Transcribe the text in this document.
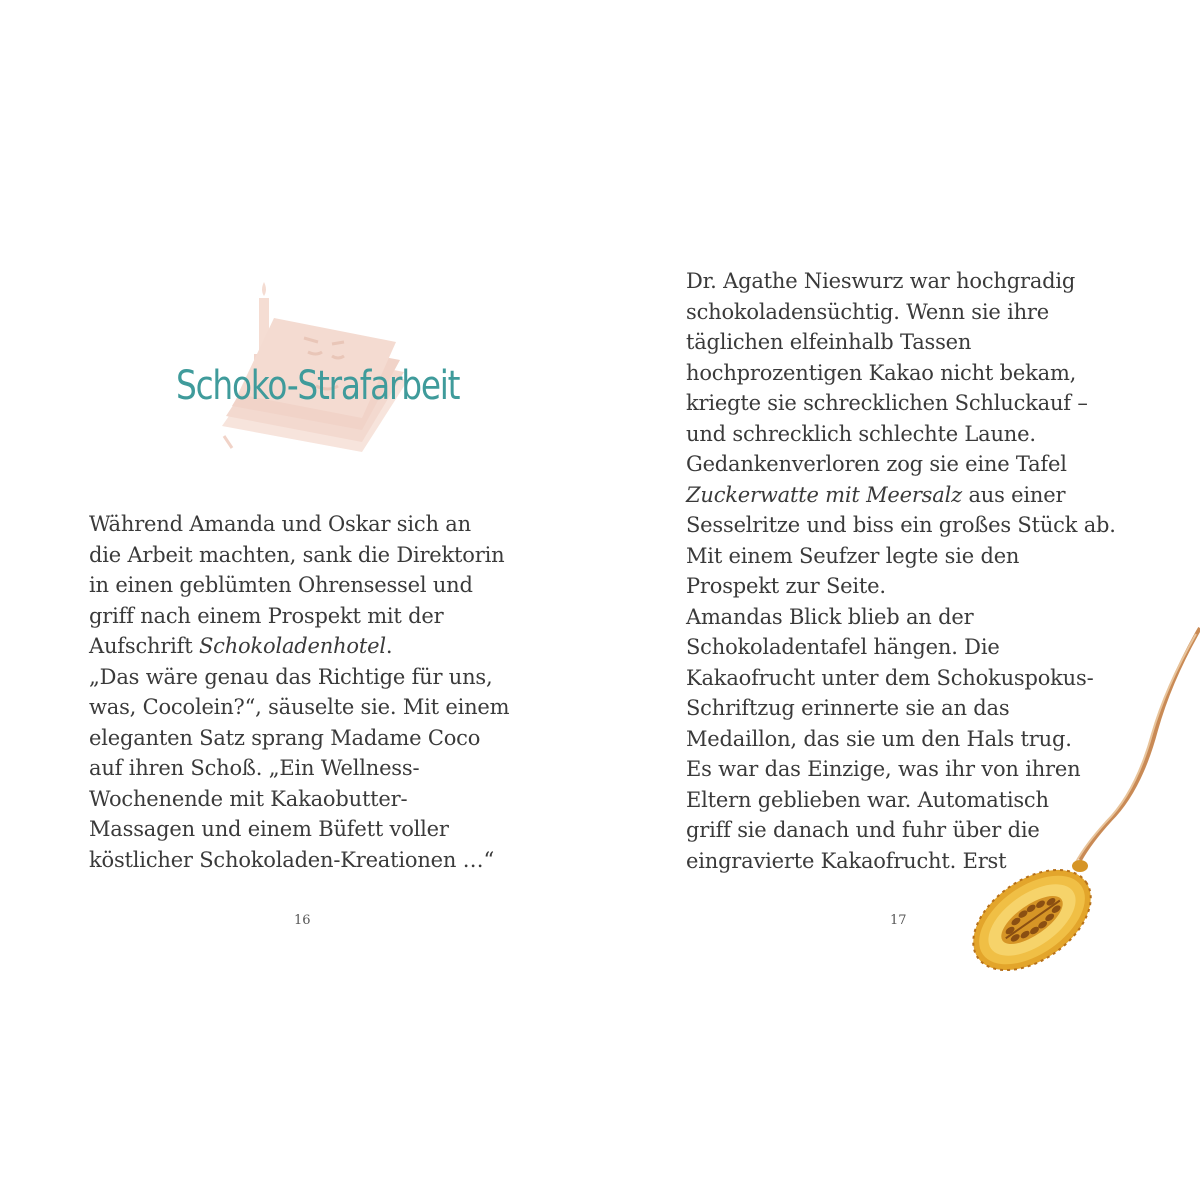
Schoko-Strafarbeit

Während Amanda und Oskar sich an
die Arbeit machten, sank die Direktorin
in einen geblümten Ohrensessel und
griff nach einem Prospekt mit der
Aufschrift Schokoladenhotel.
„Das wäre genau das Richtige für uns,
was, Cocolein?“, säuselte sie. Mit einem
eleganten Satz sprang Madame Coco
auf ihren Schoß. „Ein Wellness-
Wochenende mit Kakaobutter-
Massagen und einem Büfett voller
köstlicher Schokoladen-Kreationen …“

16

Dr. Agathe Nieswurz war hochgradig
schokoladensüchtig. Wenn sie ihre
täglichen elfeinhalb Tassen
hochprozentigen Kakao nicht bekam,
kriegte sie schrecklichen Schluckauf –
und schrecklich schlechte Laune.
Gedankenverloren zog sie eine Tafel
Zuckerwatte mit Meersalz aus einer
Sesselritze und biss ein großes Stück ab.
Mit einem Seufzer legte sie den
Prospekt zur Seite.
Amandas Blick blieb an der
Schokoladentafel hängen. Die
Kakaofrucht unter dem Schokuspokus-
Schriftzug erinnerte sie an das
Medaillon, das sie um den Hals trug.
Es war das Einzige, was ihr von ihren
Eltern geblieben war. Automatisch
griff sie danach und fuhr über die
eingravierte Kakaofrucht. Erst

17
